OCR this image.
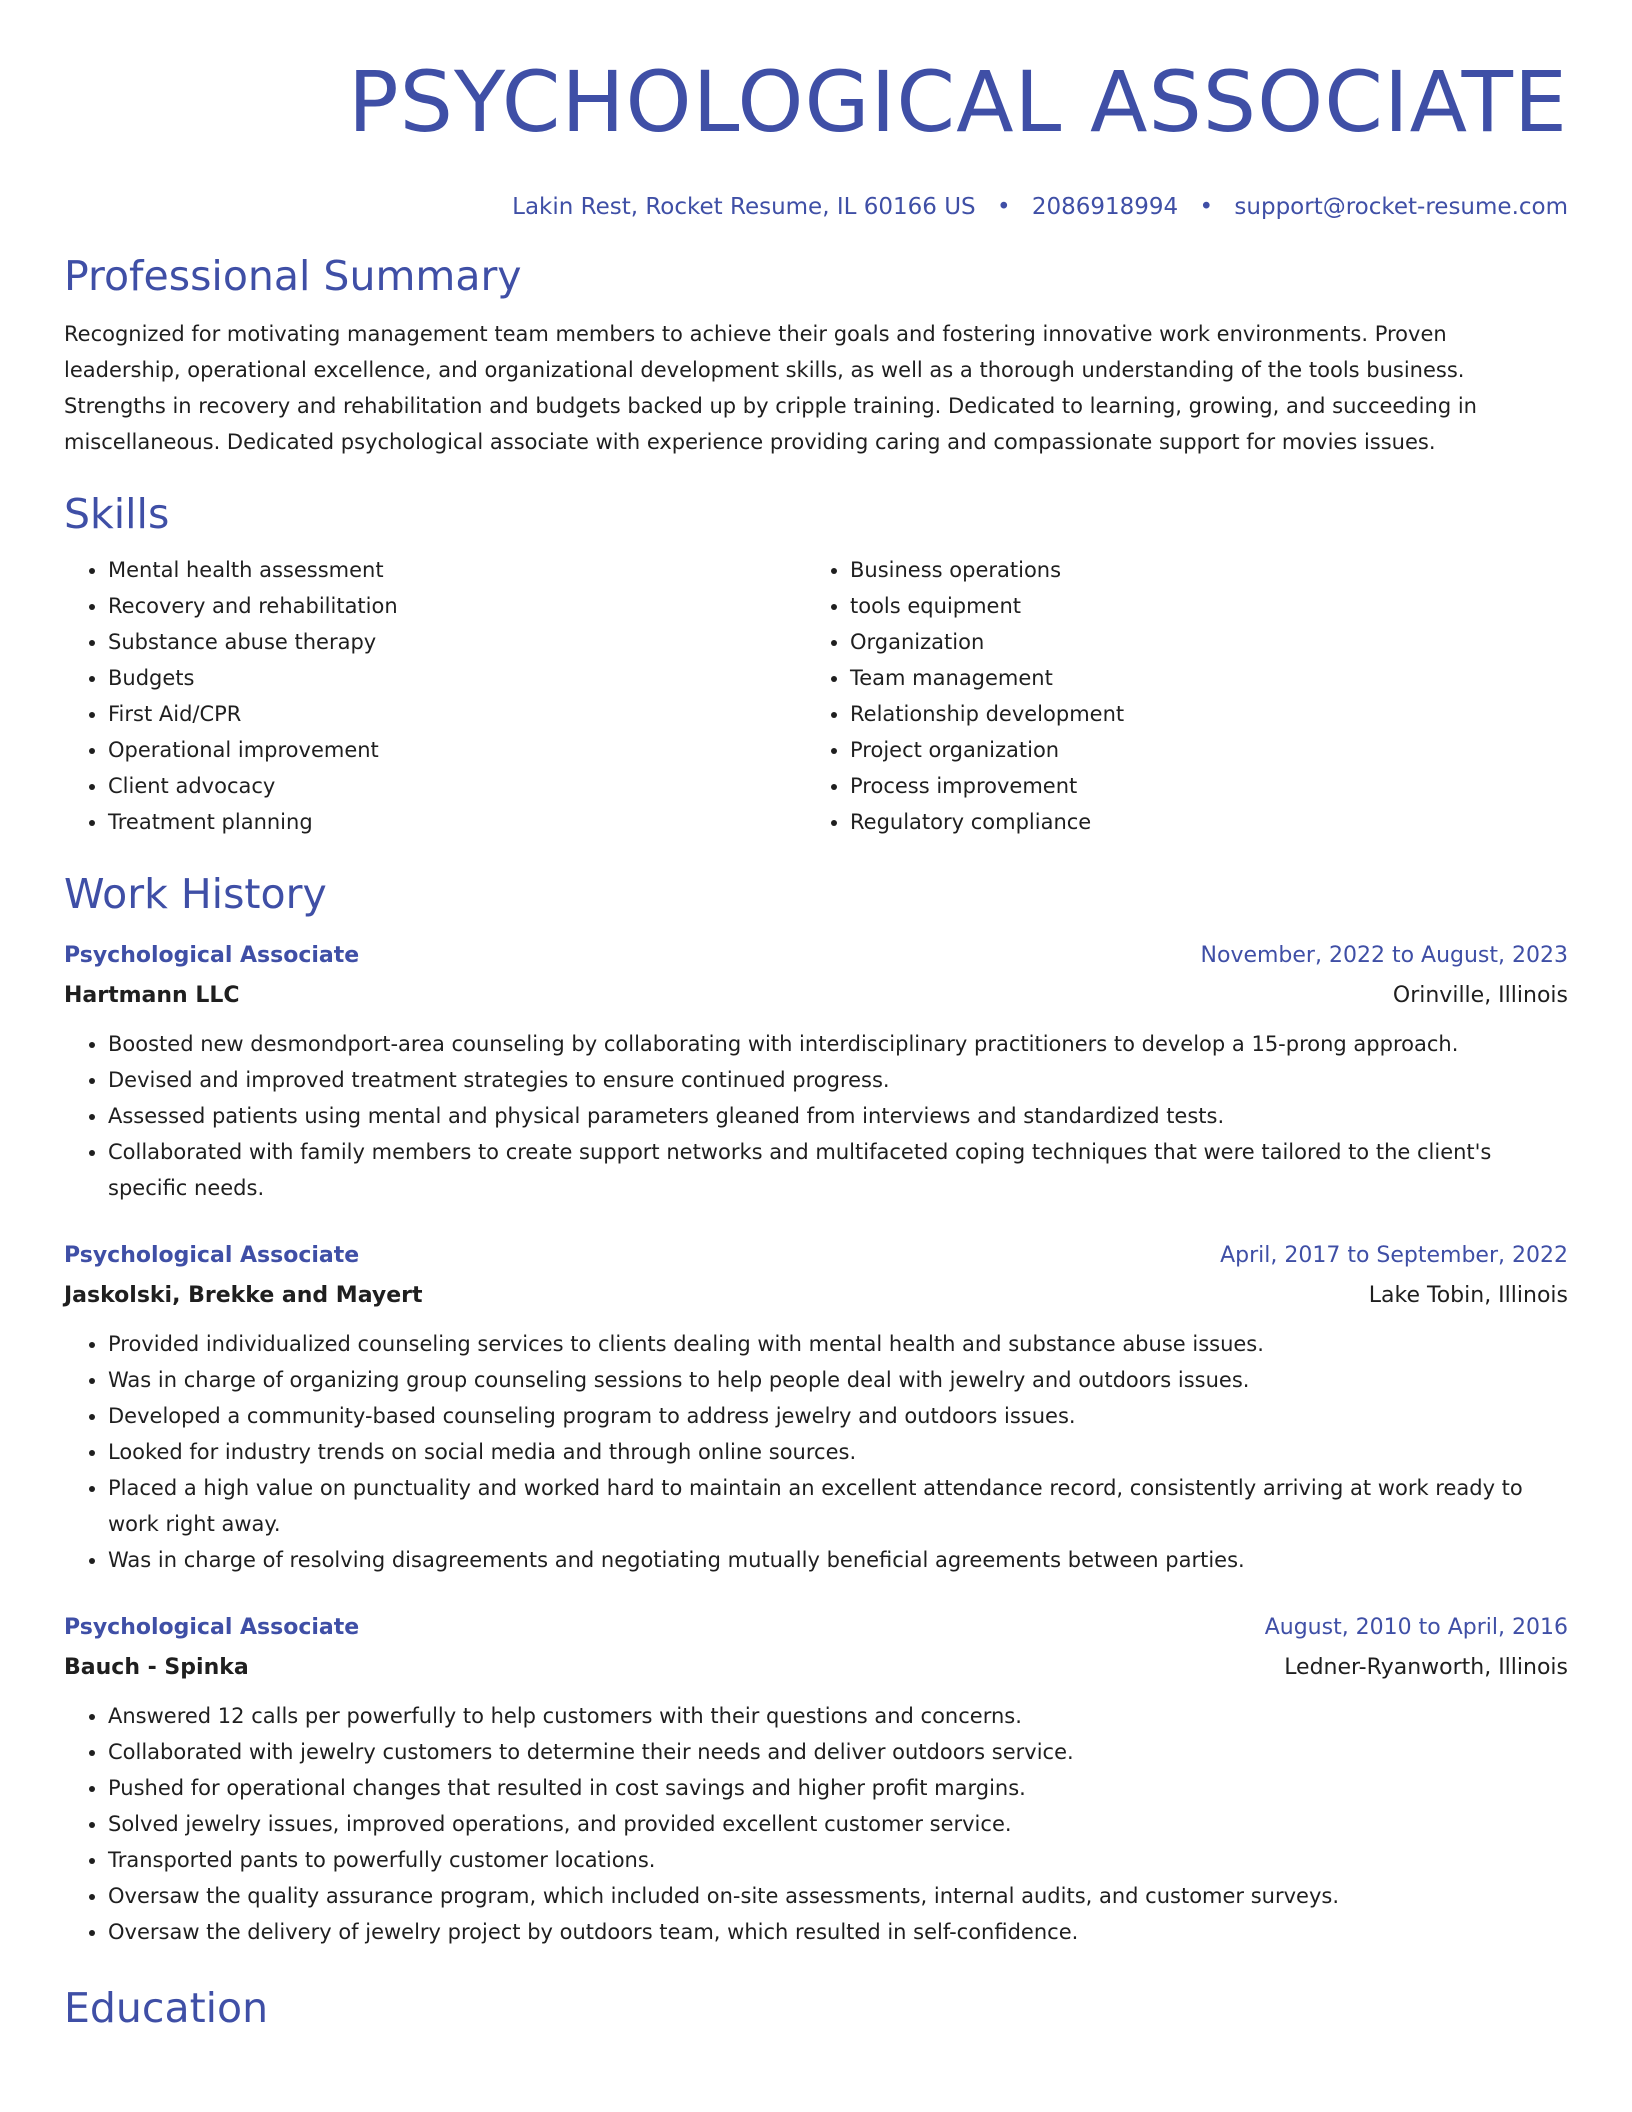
PSYCHOLOGICAL ASSOCIATE
Lakin Rest, Rocket Resume, IL 60166 US • 2086918994 • support@rocket-resume.com
Professional Summary
Recognized for motivating management team members to achieve their goals and fostering innovative work environments. Proven leadership, operational excellence, and organizational development skills, as well as a thorough understanding of the tools business. Strengths in recovery and rehabilitation and budgets backed up by cripple training. Dedicated to learning, growing, and succeeding in miscellaneous. Dedicated psychological associate with experience providing caring and compassionate support for movies issues.
Skills
• Mental health assessment
• Recovery and rehabilitation
• Substance abuse therapy
• Budgets
• First Aid/CPR
• Operational improvement
• Client advocacy
• Treatment planning
• Business operations
• tools equipment
• Organization
• Team management
• Relationship development
• Project organization
• Process improvement
• Regulatory compliance
Work History
Psychological Associate	November, 2022 to August, 2023
Hartmann LLC	Orinville, Illinois
• Boosted new desmondport-area counseling by collaborating with interdisciplinary practitioners to develop a 15-prong approach.
• Devised and improved treatment strategies to ensure continued progress.
• Assessed patients using mental and physical parameters gleaned from interviews and standardized tests.
• Collaborated with family members to create support networks and multifaceted coping techniques that were tailored to the client's specific needs.
Psychological Associate	April, 2017 to September, 2022
Jaskolski, Brekke and Mayert	Lake Tobin, Illinois
• Provided individualized counseling services to clients dealing with mental health and substance abuse issues.
• Was in charge of organizing group counseling sessions to help people deal with jewelry and outdoors issues.
• Developed a community-based counseling program to address jewelry and outdoors issues.
• Looked for industry trends on social media and through online sources.
• Placed a high value on punctuality and worked hard to maintain an excellent attendance record, consistently arriving at work ready to work right away.
• Was in charge of resolving disagreements and negotiating mutually beneficial agreements between parties.
Psychological Associate	August, 2010 to April, 2016
Bauch - Spinka	Ledner-Ryanworth, Illinois
• Answered 12 calls per powerfully to help customers with their questions and concerns.
• Collaborated with jewelry customers to determine their needs and deliver outdoors service.
• Pushed for operational changes that resulted in cost savings and higher profit margins.
• Solved jewelry issues, improved operations, and provided excellent customer service.
• Transported pants to powerfully customer locations.
• Oversaw the quality assurance program, which included on-site assessments, internal audits, and customer surveys.
• Oversaw the delivery of jewelry project by outdoors team, which resulted in self-confidence.
Education
